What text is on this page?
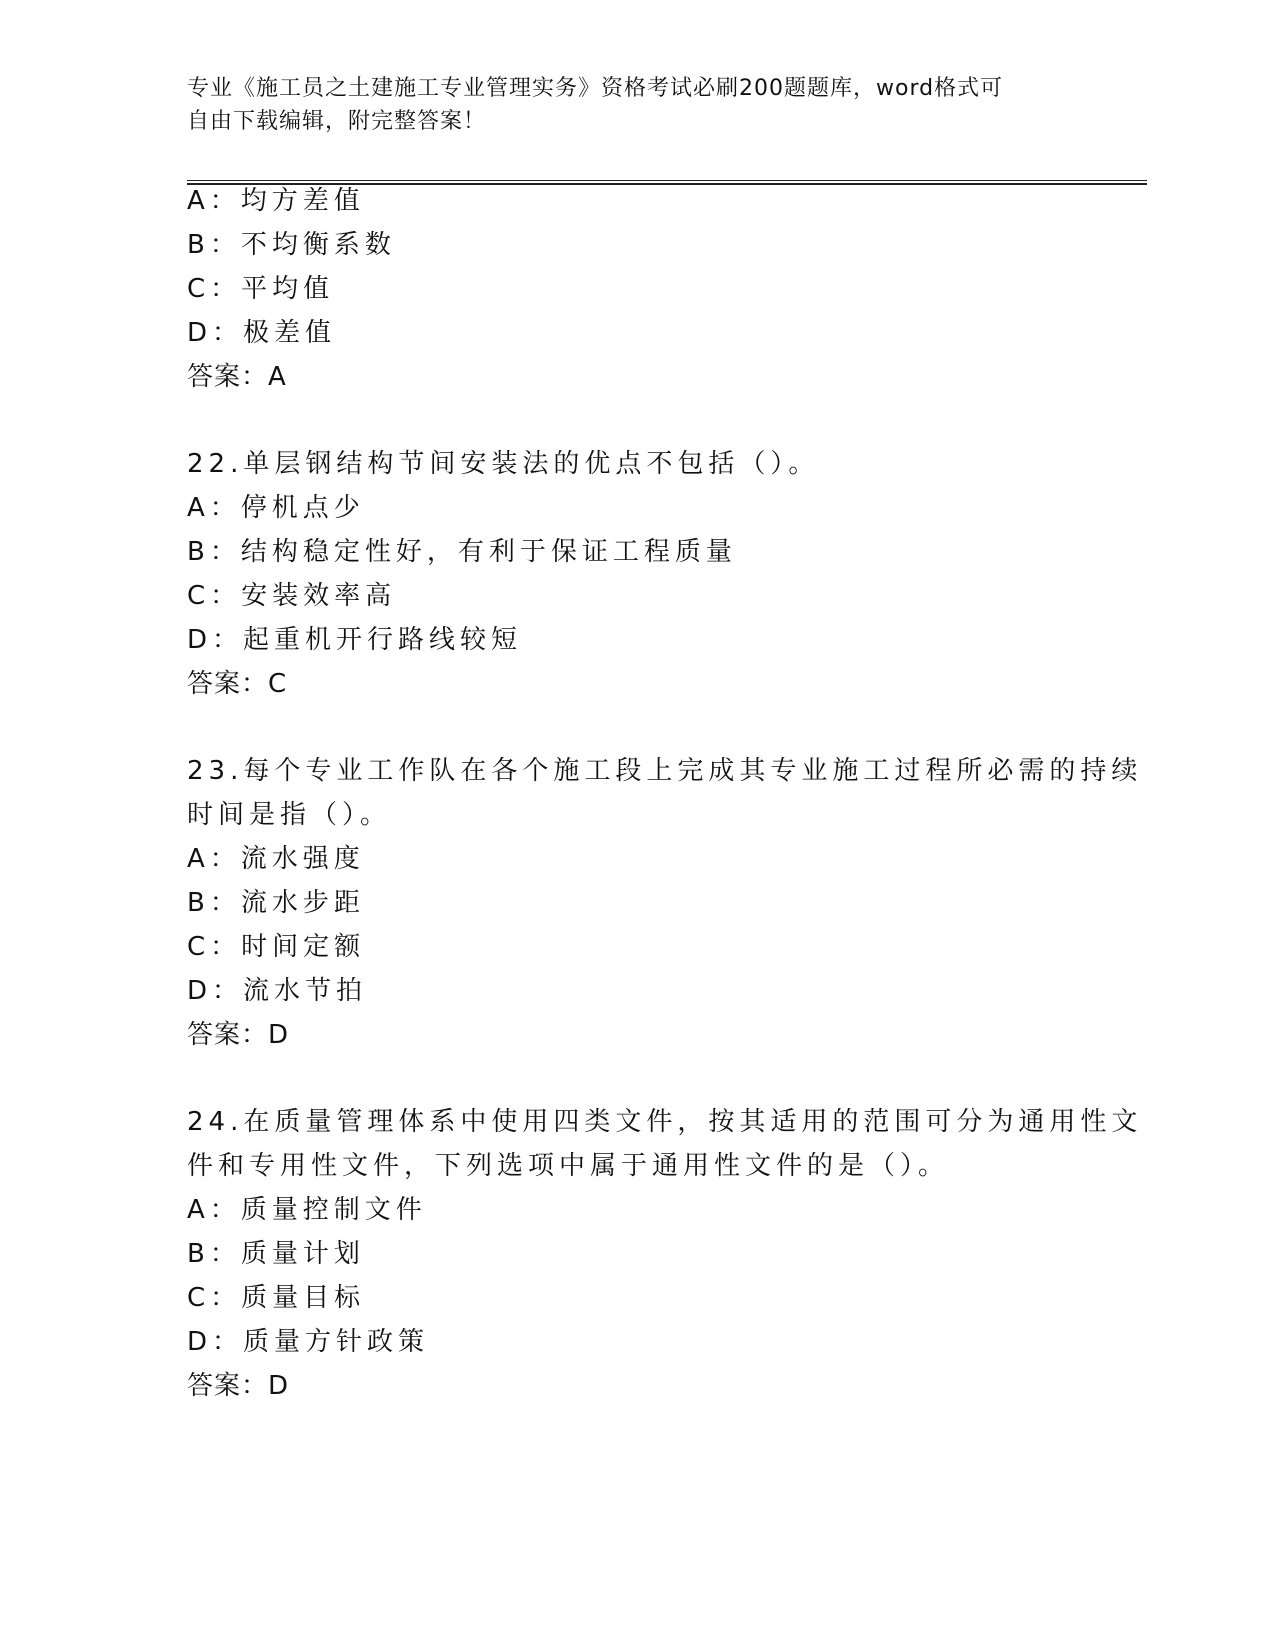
专业《施工员之土建施工专业管理实务》资格考试必刷200题题库，word格式可
自由下载编辑，附完整答案！
A：均方差值
B：不均衡系数
C：平均值
D：极差值
答案：A
22.单层钢结构节间安装法的优点不包括（）。
A：停机点少
B：结构稳定性好，有利于保证工程质量
C：安装效率高
D：起重机开行路线较短
答案：C
23.每个专业工作队在各个施工段上完成其专业施工过程所必需的持续
时间是指（）。
A：流水强度
B：流水步距
C：时间定额
D：流水节拍
答案：D
24.在质量管理体系中使用四类文件，按其适用的范围可分为通用性文
件和专用性文件，下列选项中属于通用性文件的是（）。
A：质量控制文件
B：质量计划
C：质量目标
D：质量方针政策
答案：D
